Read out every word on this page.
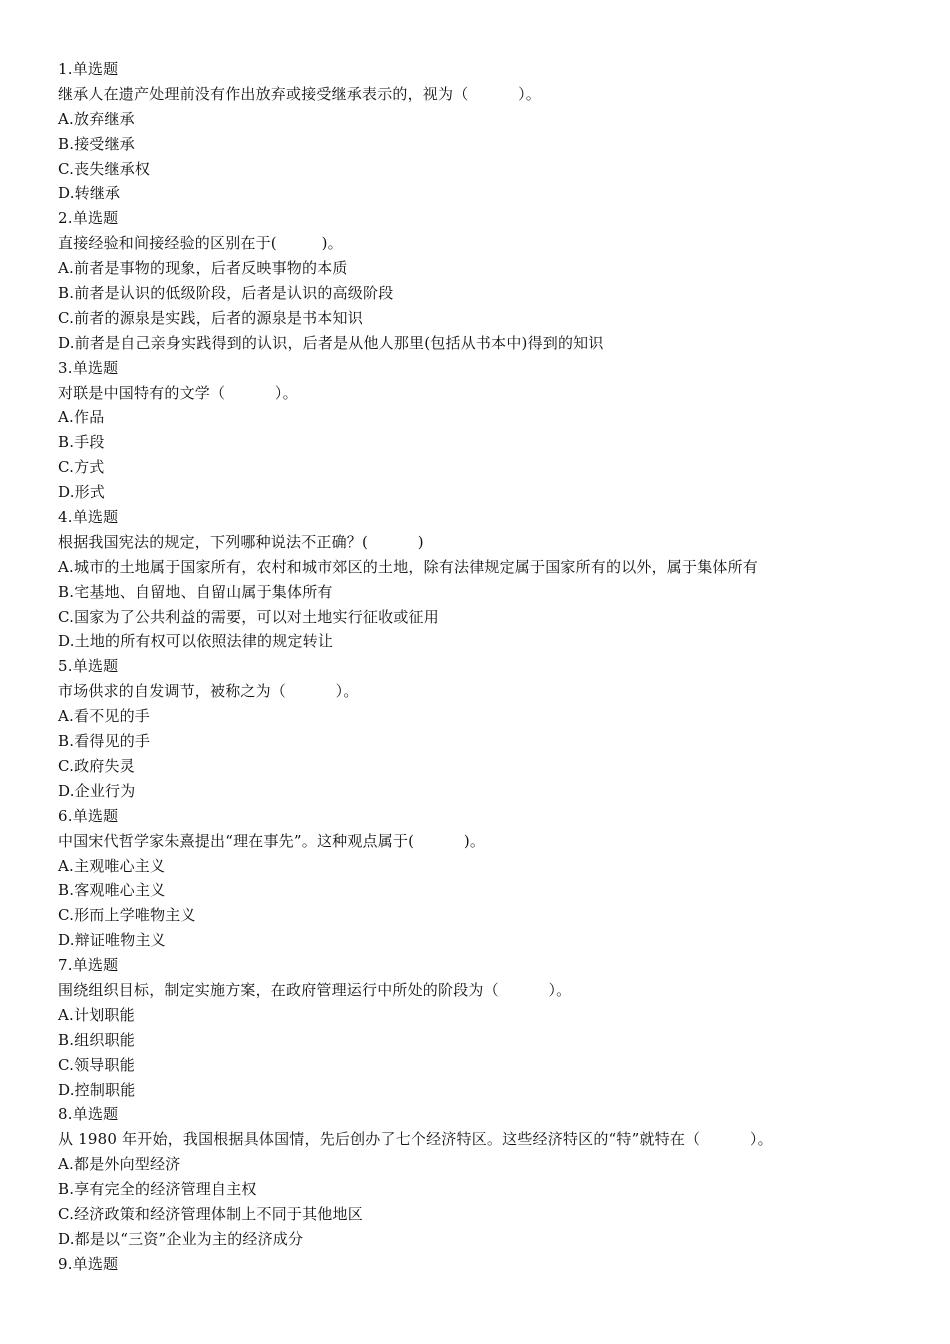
1.单选题
继承人在遗产处理前没有作出放弃或接受继承表示的，视为（          ）。
A.放弃继承
B.接受继承
C.丧失继承权
D.转继承
2.单选题
直接经验和间接经验的区别在于(         )。
A.前者是事物的现象，后者反映事物的本质
B.前者是认识的低级阶段，后者是认识的高级阶段
C.前者的源泉是实践，后者的源泉是书本知识
D.前者是自己亲身实践得到的认识，后者是从他人那里(包括从书本中)得到的知识
3.单选题
对联是中国特有的文学（          ）。
A.作品
B.手段
C.方式
D.形式
4.单选题
根据我国宪法的规定，下列哪种说法不正确？(          )
A.城市的土地属于国家所有，农村和城市郊区的土地，除有法律规定属于国家所有的以外，属于集体所有
B.宅基地、自留地、自留山属于集体所有
C.国家为了公共利益的需要，可以对土地实行征收或征用
D.土地的所有权可以依照法律的规定转让
5.单选题
市场供求的自发调节，被称之为（          ）。
A.看不见的手
B.看得见的手
C.政府失灵
D.企业行为
6.单选题
中国宋代哲学家朱熹提出“理在事先”。这种观点属于(          )。
A.主观唯心主义
B.客观唯心主义
C.形而上学唯物主义
D.辩证唯物主义
7.单选题
围绕组织目标，制定实施方案，在政府管理运行中所处的阶段为（          ）。
A.计划职能
B.组织职能
C.领导职能
D.控制职能
8.单选题
从 1980 年开始，我国根据具体国情，先后创办了七个经济特区。这些经济特区的“特”就特在（          ）。
A.都是外向型经济
B.享有完全的经济管理自主权
C.经济政策和经济管理体制上不同于其他地区
D.都是以“三资”企业为主的经济成分
9.单选题
